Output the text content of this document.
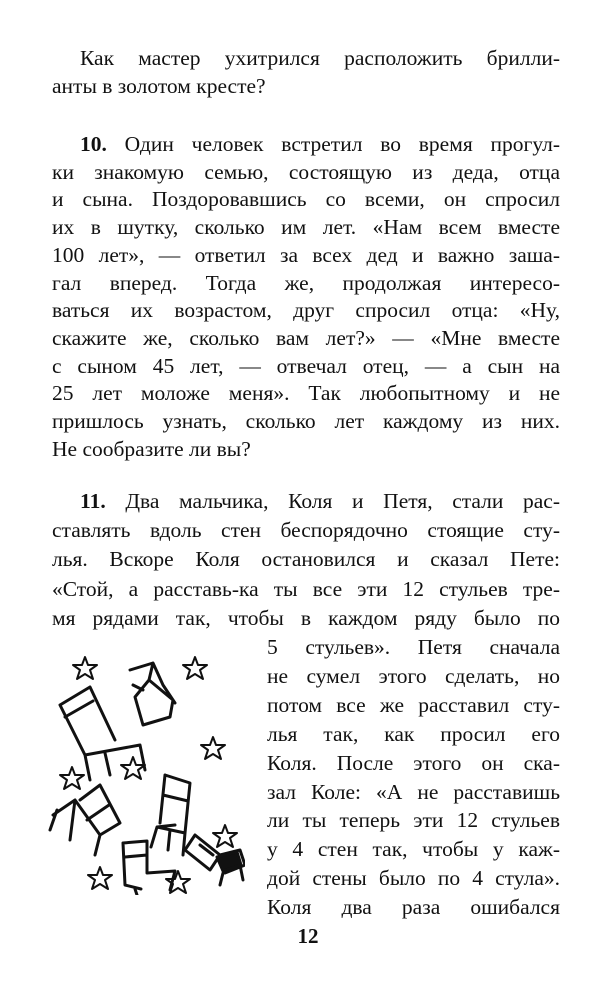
Как мастер ухитрился расположить брилли-
анты в золотом кресте?
10. Один человек встретил во время прогул-
ки знакомую семью, состоящую из деда, отца
и сына. Поздоровавшись со всеми, он спросил
их в шутку, сколько им лет. «Нам всем вместе
100 лет», — ответил за всех дед и важно заша-
гал вперед. Тогда же, продолжая интересо-
ваться их возрастом, друг спросил отца: «Ну,
скажите же, сколько вам лет?» — «Мне вместе
с сыном 45 лет, — отвечал отец, — а сын на
25 лет моложе меня». Так любопытному и не
пришлось узнать, сколько лет каждому из них.
Не сообразите ли вы?
11. Два мальчика, Коля и Петя, стали рас-
ставлять вдоль стен беспорядочно стоящие сту-
лья. Вскоре Коля остановился и сказал Пете:
«Стой, а расставь-ка ты все эти 12 стульев тре-
мя рядами так, чтобы в каждом ряду было по
5 стульев». Петя сначала
не сумел этого сделать, но
потом все же расставил сту-
лья так, как просил его
Коля. После этого он ска-
зал Коле: «А не расставишь
ли ты теперь эти 12 стульев
у 4 стен так, чтобы у каж-
дой стены было по 4 стула».
Коля два раза ошибался
12
